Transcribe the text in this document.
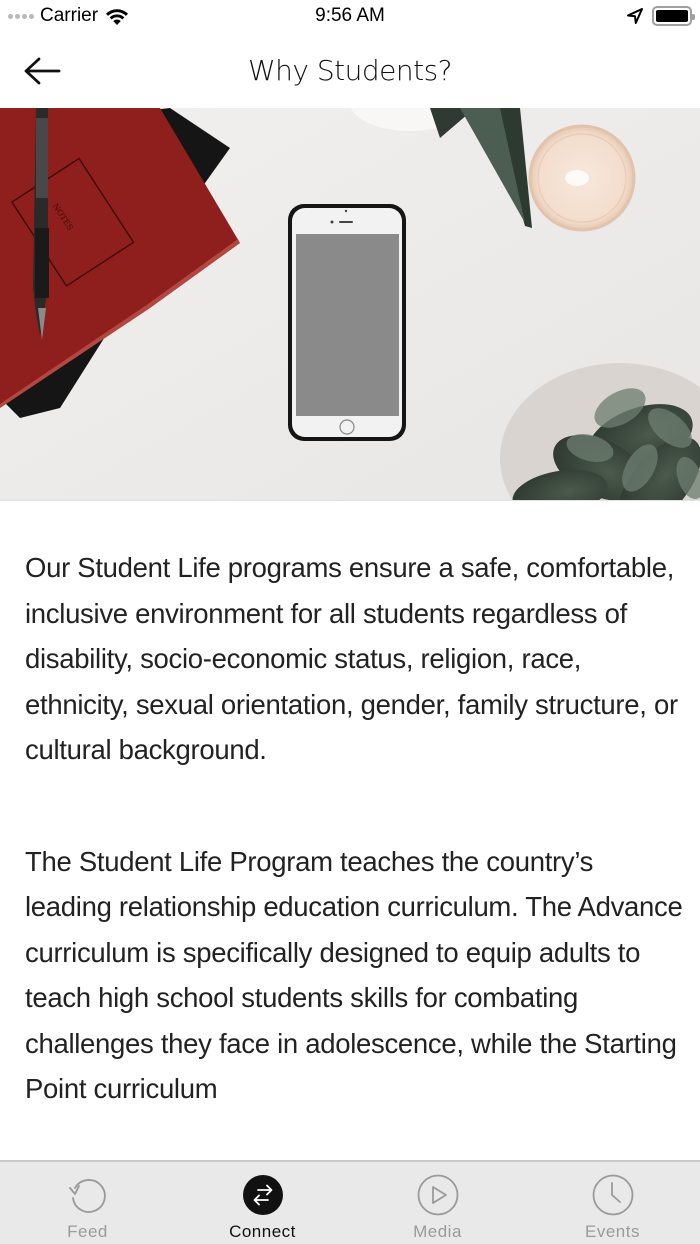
Carrier	9:56 AM
Why Students?
NOTES

Our Student Life programs ensure a safe, comfortable, inclusive environment for all students regardless of disability, socio-economic status, religion, race, ethnicity, sexual orientation, gender, family structure, or cultural background.

The Student Life Program teaches the country’s leading relationship education curriculum. The Advance curriculum is specifically designed to equip adults to teach high school students skills for combating challenges they face in adolescence, while the Starting Point curriculum

Feed	Connect	Media	Events
